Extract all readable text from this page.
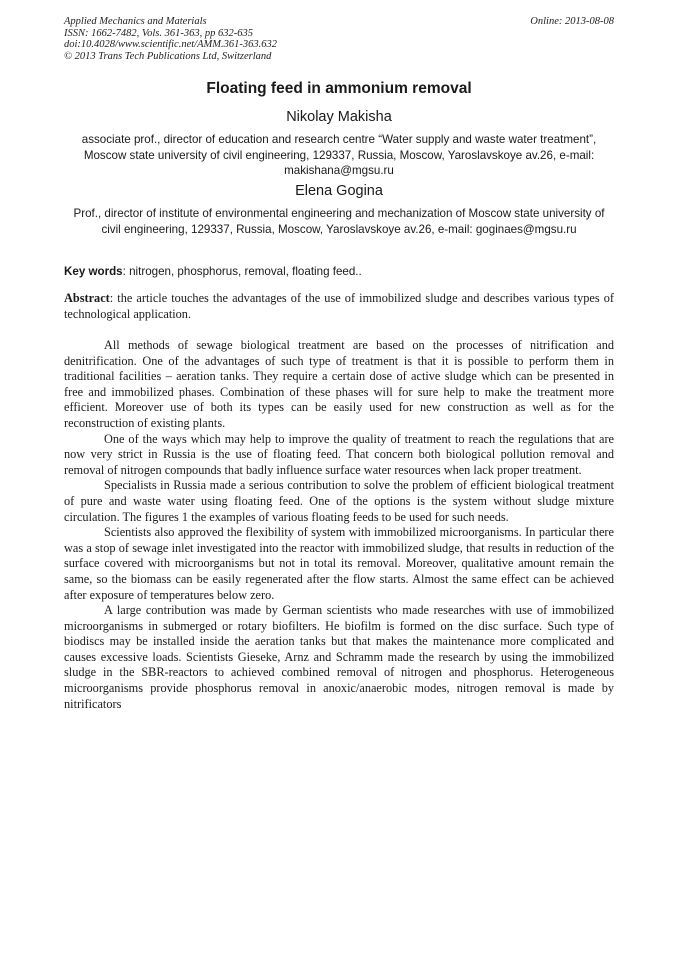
Applied Mechanics and Materials
ISSN: 1662-7482, Vols. 361-363, pp 632-635
doi:10.4028/www.scientific.net/AMM.361-363.632
© 2013 Trans Tech Publications Ltd, Switzerland
Online: 2013-08-08
Floating feed in ammonium removal
Nikolay Makisha
associate prof., director of education and research centre “Water supply and waste water treatment”, Moscow state university of civil engineering, 129337, Russia, Moscow, Yaroslavskoye av.26, e-mail: makishana@mgsu.ru
Elena Gogina
Prof., director of institute of environmental engineering and mechanization of Moscow state university of civil engineering, 129337, Russia, Moscow, Yaroslavskoye av.26, e-mail: goginaes@mgsu.ru
Key words: nitrogen, phosphorus, removal, floating feed..
Abstract: the article touches the advantages of the use of immobilized sludge and describes various types of technological application.

All methods of sewage biological treatment are based on the processes of nitrification and denitrification. One of the advantages of such type of treatment is that it is possible to perform them in traditional facilities – aeration tanks. They require a certain dose of active sludge which can be presented in free and immobilized phases. Combination of these phases will for sure help to make the treatment more efficient. Moreover use of both its types can be easily used for new construction as well as for the reconstruction of existing plants.

One of the ways which may help to improve the quality of treatment to reach the regulations that are now very strict in Russia is the use of floating feed. That concern both biological pollution removal and removal of nitrogen compounds that badly influence surface water resources when lack proper treatment.

Specialists in Russia made a serious contribution to solve the problem of efficient biological treatment of pure and waste water using floating feed. One of the options is the system without sludge mixture circulation. The figures 1 the examples of various floating feeds to be used for such needs.

Scientists also approved the flexibility of system with immobilized microorganisms. In particular there was a stop of sewage inlet investigated into the reactor with immobilized sludge, that results in reduction of the surface covered with microorganisms but not in total its removal. Moreover, qualitative amount remain the same, so the biomass can be easily regenerated after the flow starts. Almost the same effect can be achieved after exposure of temperatures below zero.

A large contribution was made by German scientists who made researches with use of immobilized microorganisms in submerged or rotary biofilters. He biofilm is formed on the disc surface. Such type of biodiscs may be installed inside the aeration tanks but that makes the maintenance more complicated and causes excessive loads. Scientists Gieseke, Arnz and Schramm made the research by using the immobilized sludge in the SBR-reactors to achieved combined removal of nitrogen and phosphorus. Heterogeneous microorganisms provide phosphorus removal in anoxic/anaerobic modes, nitrogen removal is made by nitrificators
